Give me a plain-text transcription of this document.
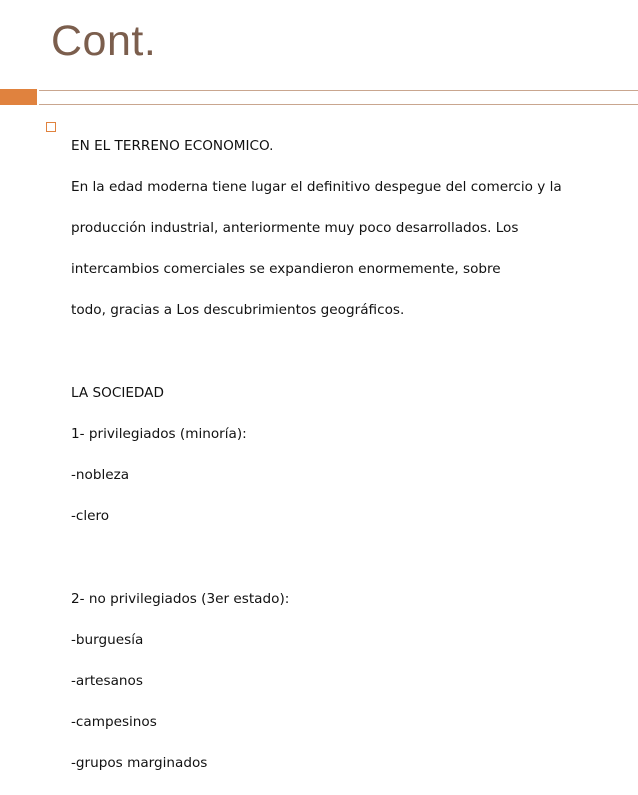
Cont.

EN EL TERRENO ECONOMICO.

En la edad moderna tiene lugar el definitivo despegue del comercio y la

producción industrial, anteriormente muy poco desarrollados. Los

intercambios comerciales se expandieron enormemente, sobre

todo, gracias a Los descubrimientos geográficos.

LA SOCIEDAD

1- privilegiados (minoría):

-nobleza

-clero

2- no privilegiados (3er estado):

-burguesía

-artesanos

-campesinos

-grupos marginados
